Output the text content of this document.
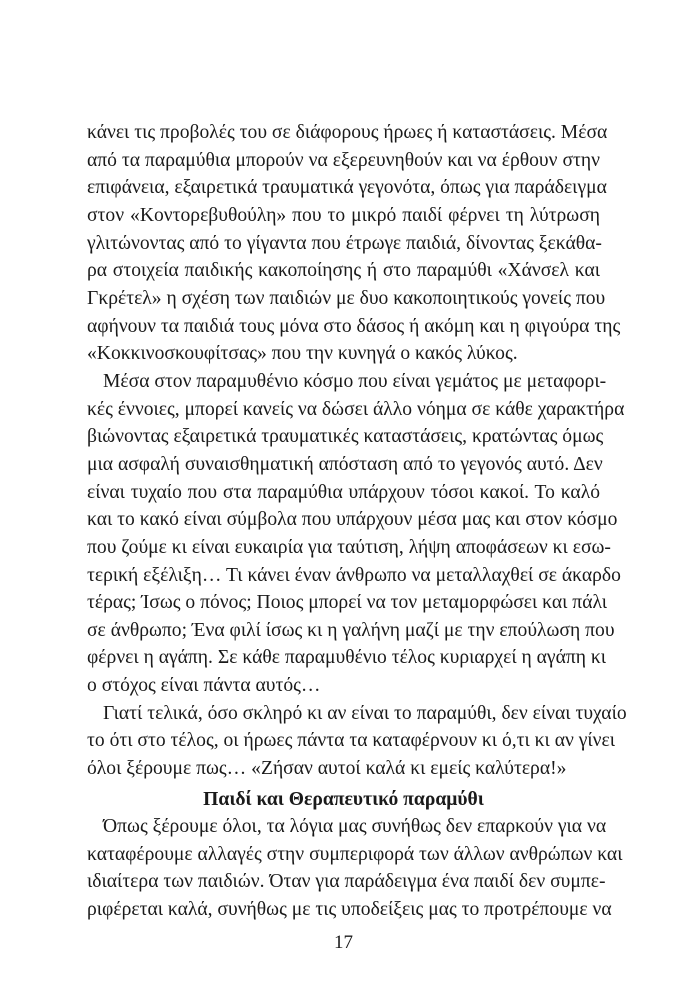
κάνει τις προβολές του σε διάφορους ήρωες ή καταστάσεις. Μέσα
από τα παραμύθια μπορούν να εξερευνηθούν και να έρθουν στην
επιφάνεια, εξαιρετικά τραυματικά γεγονότα, όπως για παράδειγμα
στον «Κοντορεβυθούλη» που το μικρό παιδί φέρνει τη λύτρωση
γλιτώνοντας από το γίγαντα που έτρωγε παιδιά, δίνοντας ξεκάθα-
ρα στοιχεία παιδικής κακοποίησης ή στο παραμύθι «Χάνσελ και
Γκρέτελ» η σχέση των παιδιών με δυο κακοποιητικούς γονείς που
αφήνουν τα παιδιά τους μόνα στο δάσος ή ακόμη και η φιγούρα της
«Κοκκινοσκουφίτσας» που την κυνηγά ο κακός λύκος.
Μέσα στον παραμυθένιο κόσμο που είναι γεμάτος με μεταφορι-
κές έννοιες, μπορεί κανείς να δώσει άλλο νόημα σε κάθε χαρακτήρα
βιώνοντας εξαιρετικά τραυματικές καταστάσεις, κρατώντας όμως
μια ασφαλή συναισθηματική απόσταση από το γεγονός αυτό. Δεν
είναι τυχαίο που στα παραμύθια υπάρχουν τόσοι κακοί. Το καλό
και το κακό είναι σύμβολα που υπάρχουν μέσα μας και στον κόσμο
που ζούμε κι είναι ευκαιρία για ταύτιση, λήψη αποφάσεων κι εσω-
τερική εξέλιξη… Τι κάνει έναν άνθρωπο να μεταλλαχθεί σε άκαρδο
τέρας; Ίσως ο πόνος; Ποιος μπορεί να τον μεταμορφώσει και πάλι
σε άνθρωπο; Ένα φιλί ίσως κι η γαλήνη μαζί με την επούλωση που
φέρνει η αγάπη. Σε κάθε παραμυθένιο τέλος κυριαρχεί η αγάπη κι
ο στόχος είναι πάντα αυτός…
Γιατί τελικά, όσο σκληρό κι αν είναι το παραμύθι, δεν είναι τυχαίο
το ότι στο τέλος, οι ήρωες πάντα τα καταφέρνουν κι ό,τι κι αν γίνει
όλοι ξέρουμε πως… «Ζήσαν αυτοί καλά κι εμείς καλύτερα!»
Παιδί και Θεραπευτικό παραμύθι
Όπως ξέρουμε όλοι, τα λόγια μας συνήθως δεν επαρκούν για να
καταφέρουμε αλλαγές στην συμπεριφορά των άλλων ανθρώπων και
ιδιαίτερα των παιδιών. Όταν για παράδειγμα ένα παιδί δεν συμπε-
ριφέρεται καλά, συνήθως με τις υποδείξεις μας το προτρέπουμε να
17
